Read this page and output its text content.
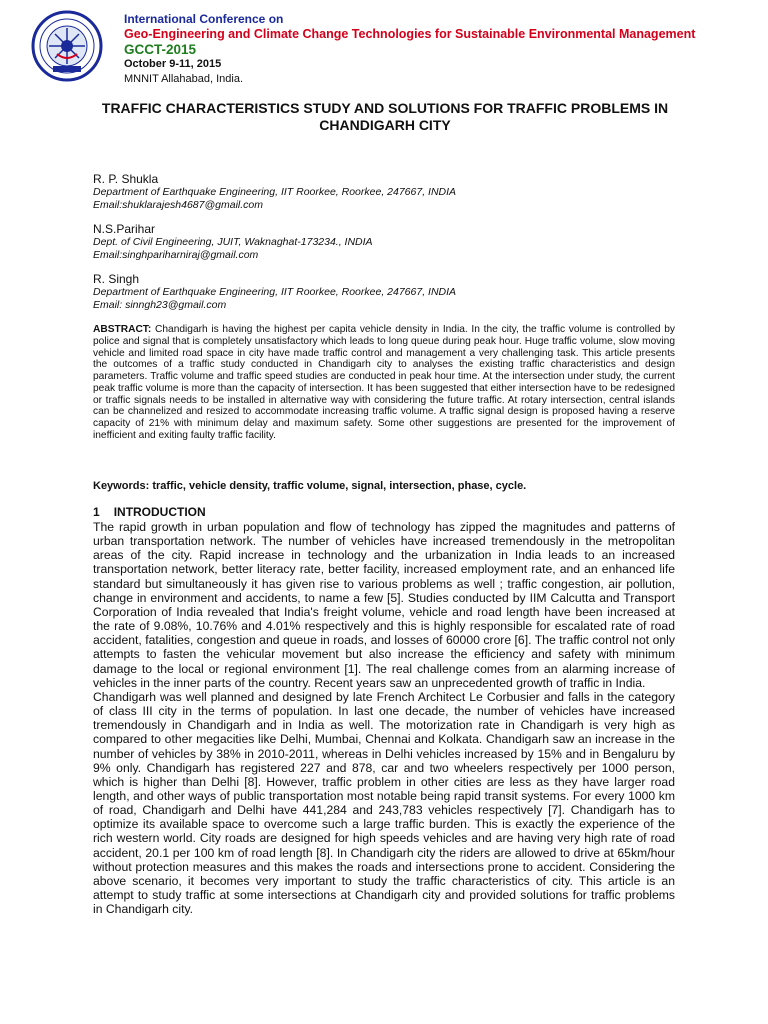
International Conference on
Geo-Engineering and Climate Change Technologies for Sustainable Environmental Management
GCCT-2015
October 9-11, 2015
MNNIT Allahabad, India.
TRAFFIC CHARACTERISTICS STUDY AND SOLUTIONS FOR TRAFFIC PROBLEMS IN CHANDIGARH CITY
R. P. Shukla
Department of Earthquake Engineering, IIT Roorkee, Roorkee, 247667, INDIA
Email:shuklarajesh4687@gmail.com
N.S.Parihar
Dept. of Civil Engineering, JUIT, Waknaghat-173234., INDIA
Email:singhpariharniraj@gmail.com
R. Singh
Department of Earthquake Engineering, IIT Roorkee, Roorkee, 247667, INDIA
Email: sinngh23@gmail.com
ABSTRACT: Chandigarh is having the highest per capita vehicle density in India. In the city, the traffic volume is controlled by police and signal that is completely unsatisfactory which leads to long queue during peak hour. Huge traffic volume, slow moving vehicle and limited road space in city have made traffic control and management a very challenging task. This article presents the outcomes of a traffic study conducted in Chandigarh city to analyses the existing traffic characteristics and design parameters. Traffic volume and traffic speed studies are conducted in peak hour time. At the intersection under study, the current peak traffic volume is more than the capacity of intersection. It has been suggested that either intersection have to be redesigned or traffic signals needs to be installed in alternative way with considering the future traffic. At rotary intersection, central islands can be channelized and resized to accommodate increasing traffic volume. A traffic signal design is proposed having a reserve capacity of 21% with minimum delay and maximum safety. Some other suggestions are presented for the improvement of inefficient and exiting faulty traffic facility.
Keywords: traffic, vehicle density, traffic volume, signal, intersection, phase, cycle.
1 INTRODUCTION

The rapid growth in urban population and flow of technology has zipped the magnitudes and patterns of urban transportation network. The number of vehicles have increased tremendously in the metropolitan areas of the city. Rapid increase in technology and the urbanization in India leads to an increased transportation network, better literacy rate, better facility, increased employment rate, and an enhanced life standard but simultaneously it has given rise to various problems as well ; traffic congestion, air pollution, change in environment and accidents, to name a few [5]. Studies conducted by IIM Calcutta and Transport Corporation of India revealed that India's freight volume, vehicle and road length have been increased at the rate of 9.08%, 10.76% and 4.01% respectively and this is highly responsible for escalated rate of road accident, fatalities, congestion and queue in roads, and losses of 60000 crore [6]. The traffic control not only attempts to fasten the vehicular movement but also increase the efficiency and safety with minimum damage to the local or regional environment [1]. The real challenge comes from an alarming increase of vehicles in the inner parts of the country. Recent years saw an unprecedented growth of traffic in India.

Chandigarh was well planned and designed by late French Architect Le Corbusier and falls in the category of class III city in the terms of population. In last one decade, the number of vehicles have increased tremendously in Chandigarh and in India as well. The motorization rate in Chandigarh is very high as compared to other megacities like Delhi, Mumbai, Chennai and Kolkata. Chandigarh saw an increase in the number of vehicles by 38% in 2010-2011, whereas in Delhi vehicles increased by 15% and in Bengaluru by 9% only. Chandigarh has registered 227 and 878, car and two wheelers respectively per 1000 person, which is higher than Delhi [8]. However, traffic problem in other cities are less as they have larger road length, and other ways of public transportation most notable being rapid transit systems. For every 1000 km of road, Chandigarh and Delhi have 441,284 and 243,783 vehicles respectively [7]. Chandigarh has to optimize its available space to overcome such a large traffic burden. This is exactly the experience of the rich western world. City roads are designed for high speeds vehicles and are having very high rate of road accident, 20.1 per 100 km of road length [8]. In Chandigarh city the riders are allowed to drive at 65km/hour without protection measures and this makes the roads and intersections prone to accident. Considering the above scenario, it becomes very important to study the traffic characteristics of city. This article is an attempt to study traffic at some intersections at Chandigarh city and provided solutions for traffic problems in Chandigarh city.
